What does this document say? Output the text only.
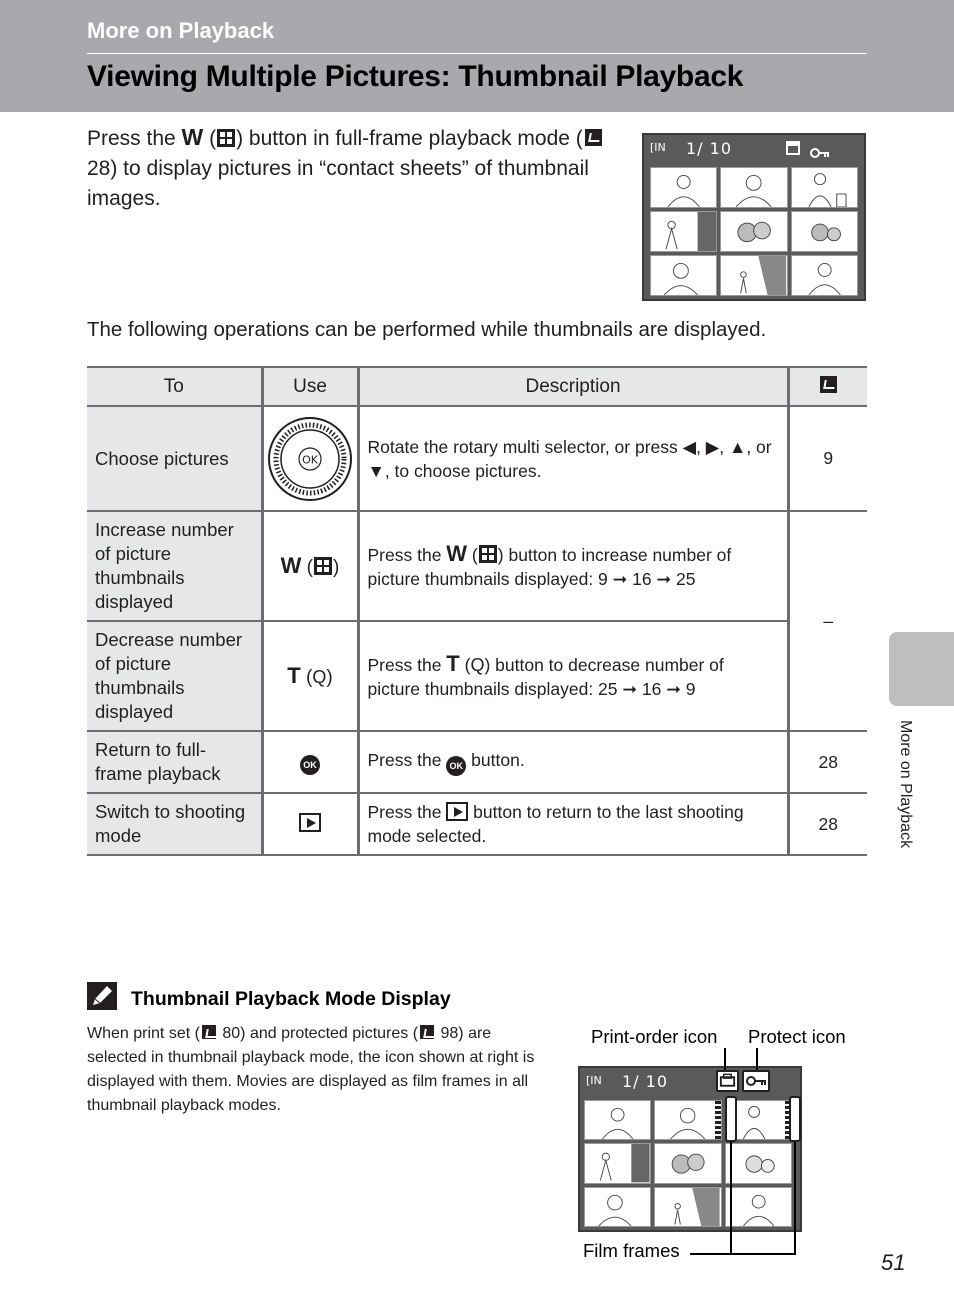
More on Playback
Viewing Multiple Pictures: Thumbnail Playback
Press the W ( ) button in full-frame playback mode ( 28) to display pictures in “contact sheets” of thumbnail images.
[IN 1/ 10
The following operations can be performed while thumbnails are displayed.
To	Use	Description	
Choose pictures	OK	Rotate the rotary multi selector, or press ◀, ▶, ▲, or ▼, to choose pictures.	9
Increase number of picture thumbnails displayed	W ( )	Press the W ( ) button to increase number of picture thumbnails displayed: 9 ➞ 16 ➞ 25	–
Decrease number of picture thumbnails displayed	T (Q)	Press the T (Q) button to decrease number of picture thumbnails displayed: 25 ➞ 16 ➞ 9	
Return to full-frame playback	OK	Press the OK button.	28
Switch to shooting mode		Press the  button to return to the last shooting mode selected.	28	More on Playback
Thumbnail Playback Mode Display
When print set ( 80) and protected pictures ( 98) are selected in thumbnail playback mode, the icon shown at right is displayed with them. Movies are displayed as film frames in all thumbnail playback modes.
Print-order icon Protect icon
[IN 1/ 10
Film frames	51
